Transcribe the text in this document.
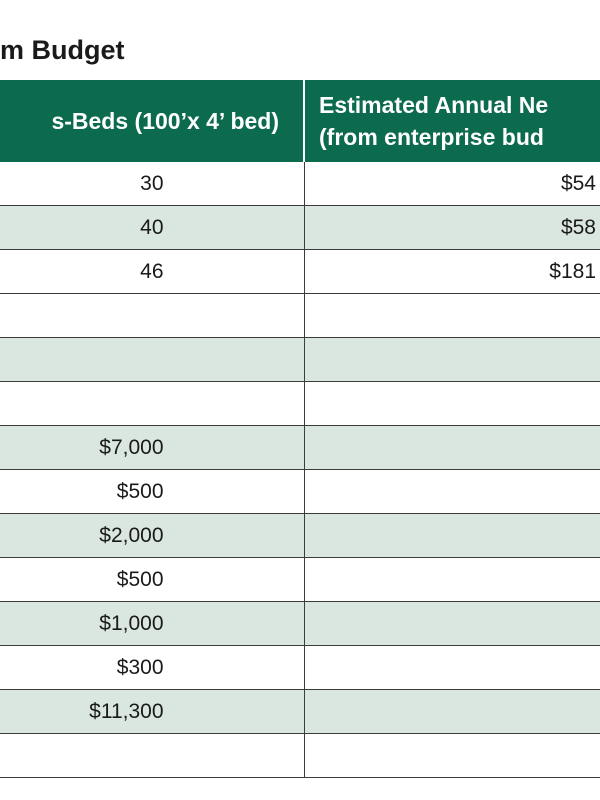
m Budget
s-Beds (100’x 4’ bed)	Estimated Annual Ne
(from enterprise bud

30	$54
40	$58
46	$181

$7,000	
$500	
$2,000	
$500	
$1,000	
$300	
$11,300	
